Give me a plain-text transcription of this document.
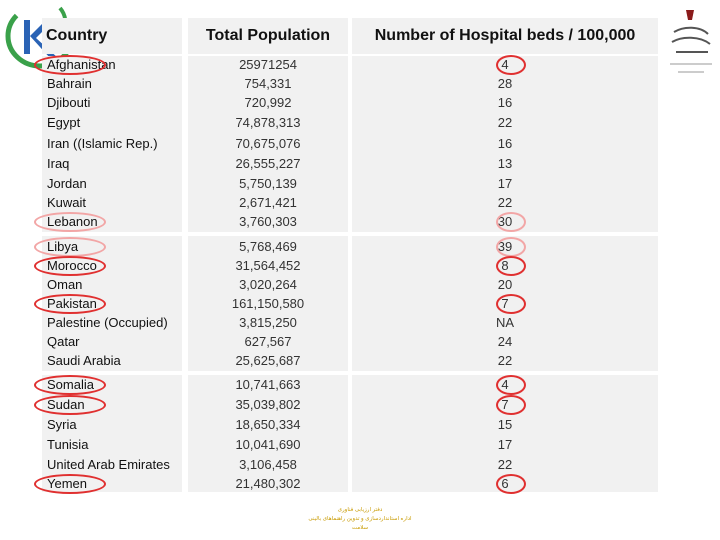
Country	Total Population	Number of Hospital beds / 100,000
Afghanistan	25971254	4
Bahrain	754,331	28
Djibouti	720,992	16
Egypt	74,878,313	22
Iran ((Islamic Rep.)	70,675,076	16
Iraq	26,555,227	13
Jordan	5,750,139	17
Kuwait	2,671,421	22
Lebanon	3,760,303	30
Libya	5,768,469	39
Morocco	31,564,452	8
Oman	3,020,264	20
Pakistan	161,150,580	7
Palestine (Occupied)	3,815,250	NA
Qatar	627,567	24
Saudi Arabia	25,625,687	22
Somalia	10,741,663	4
Sudan	35,039,802	7
Syria	18,650,334	15
Tunisia	10,041,690	17
United Arab Emirates	3,106,458	22
Yemen	21,480,302	6
دفتر ارزیابی فناوری
اداره استانداردسازی و تدوین راهنماهای بالینی
سلامت
